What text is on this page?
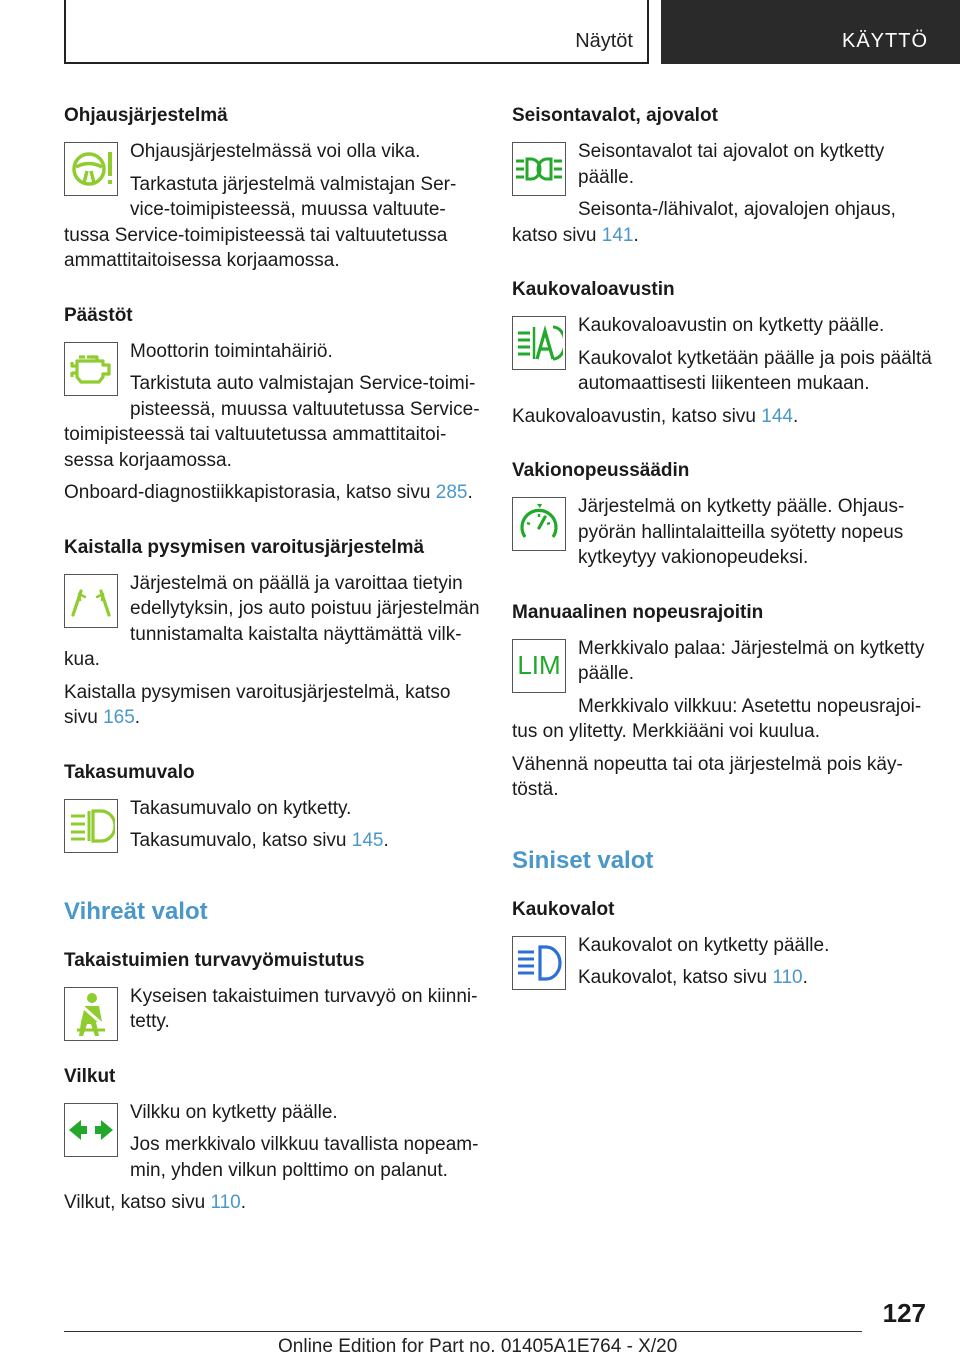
Näytöt	KÄYTTÖ
Ohjausjärjestelmä

Ohjausjärjestelmässä voi olla vika.

Tarkastuta järjestelmä valmistajan Ser-vice-toimipisteessä, muussa valtuute-tussa Service-toimipisteessä tai valtuutetussa ammattitaitoisessa korjaamossa.

Päästöt

Moottorin toimintahäiriö.

Tarkistuta auto valmistajan Service-toimi-pisteessä, muussa valtuutetussa Service-toimipisteessä tai valtuutetussa ammattitaitoi-sessa korjaamossa.

Onboard-diagnostiikkapistorasia, katso sivu 285.

Kaistalla pysymisen varoitusjärjestelmä

Järjestelmä on päällä ja varoittaa tietyin edellytyksin, jos auto poistuu järjestelmän tunnistamalta kaistalta näyttämättä vilk-kua.

Kaistalla pysymisen varoitusjärjestelmä, katso sivu 165.

Takasumuvalo

Takasumuvalo on kytketty.

Takasumuvalo, katso sivu 145.

Vihreät valot
Takaistuimien turvavyömuistutus

Kyseisen takaistuimen turvavyö on kiinni-tetty.

Vilkut

Vilkku on kytketty päälle.

Jos merkkivalo vilkkuu tavallista nopeam-min, yhden vilkun polttimo on palanut.

Vilkut, katso sivu 110.

Seisontavalot, ajovalot

Seisontavalot tai ajovalot on kytketty päälle.

Seisonta-/lähivalot, ajovalojen ohjaus, katso sivu 141.

Kaukovaloavustin

Kaukovaloavustin on kytketty päälle.

Kaukovalot kytketään päälle ja pois päältä automaattisesti liikenteen mukaan.

Kaukovaloavustin, katso sivu 144.

Vakionopeussäädin

Järjestelmä on kytketty päälle. Ohjaus-pyörän hallintalaitteilla syötetty nopeus kytkeytyy vakionopeudeksi.

Manuaalinen nopeusrajoitin
LIM

Merkkivalo palaa: Järjestelmä on kytketty päälle.

Merkkivalo vilkkuu: Asetettu nopeusrajoi-tus on ylitetty. Merkkiääni voi kuulua.

Vähennä nopeutta tai ota järjestelmä pois käy-töstä.

Siniset valot
Kaukovalot

Kaukovalot on kytketty päälle.

Kaukovalot, katso sivu 110.

127
Online Edition for Part no. 01405A1E764 - X/20
